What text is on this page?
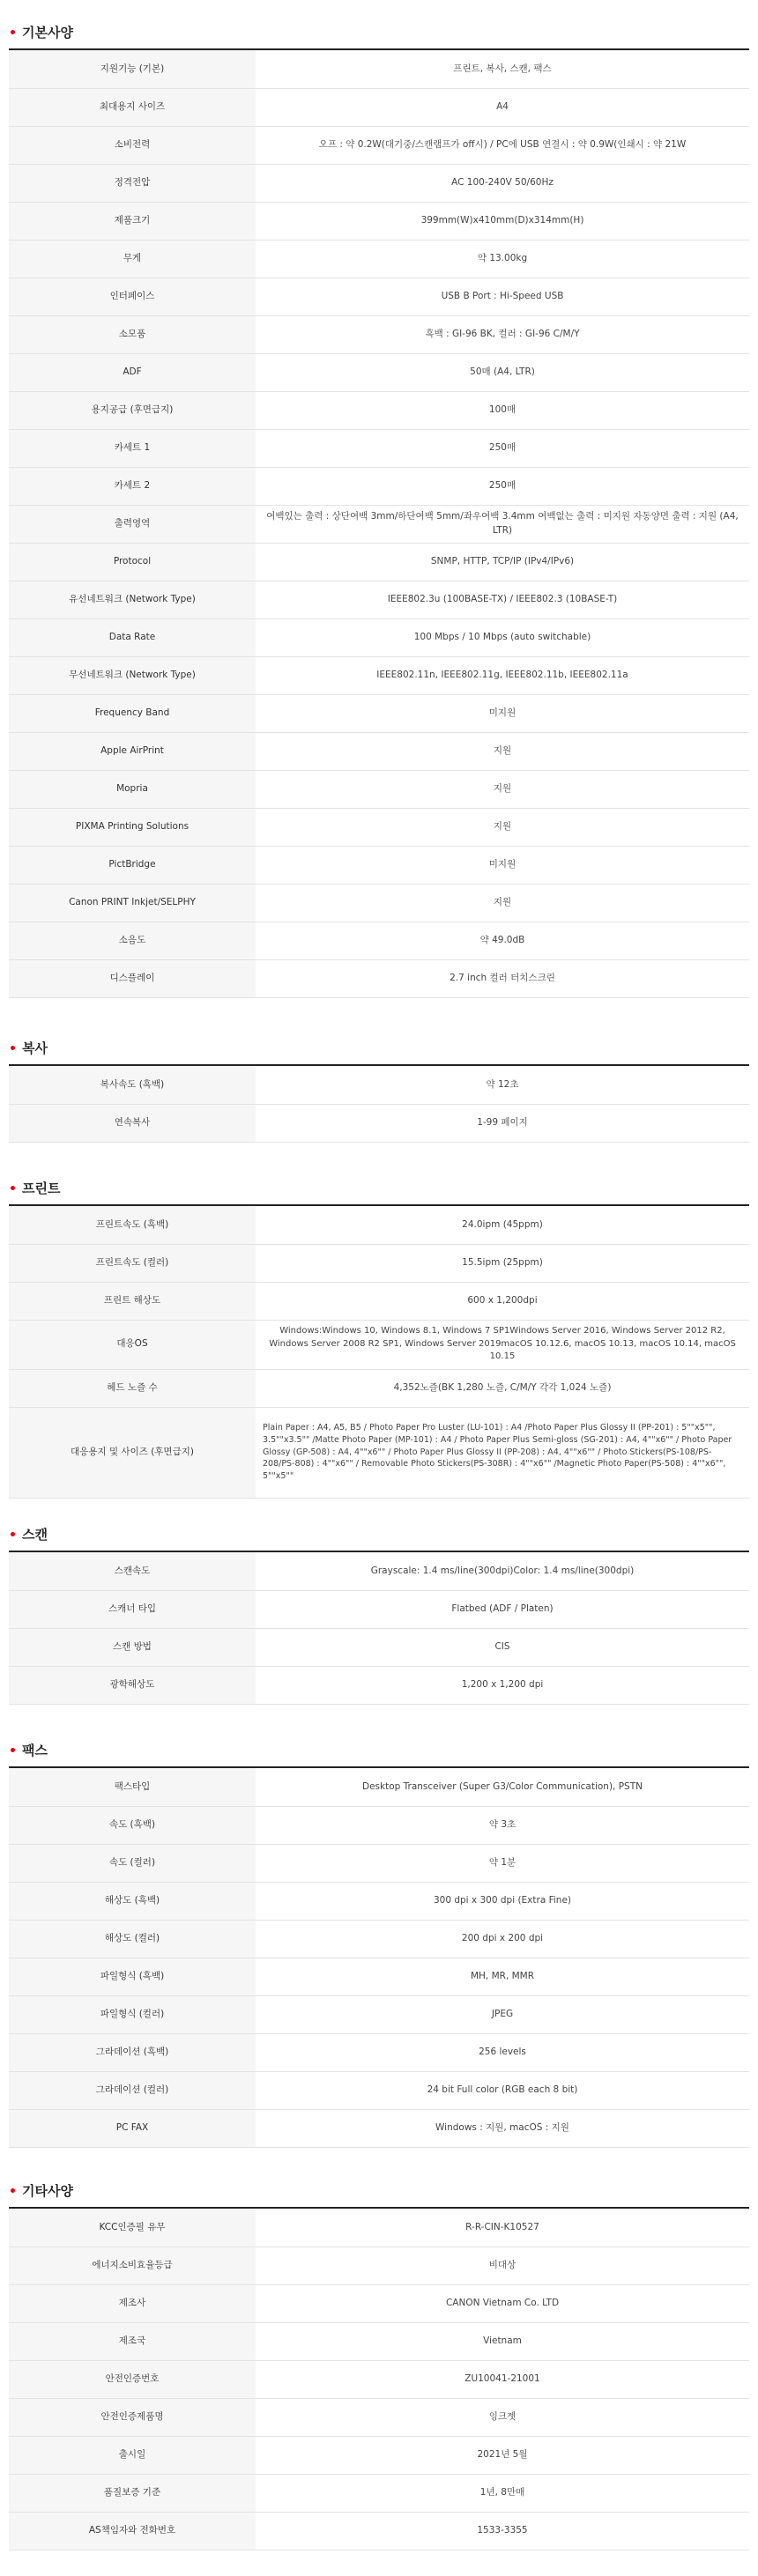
기본사양
지원기능 (기본)	프린트, 복사, 스캔, 팩스
최대용지 사이즈	A4
소비전력	오프 : 약 0.2W(대기중/스캔램프가 off시) / PC에 USB 연결시 : 약 0.9W(인쇄시 : 약 21W
정격전압	AC 100-240V 50/60Hz
제품크기	399mm(W)x410mm(D)x314mm(H)
무게	약 13.00kg
인터페이스	USB B Port : Hi-Speed USB
소모품	흑백 : GI-96 BK, 컬러 : GI-96 C/M/Y
ADF	50매 (A4, LTR)
용지공급 (후면급지)	100매
카세트 1	250매
카세트 2	250매
출력영역	여백있는 출력 : 상단여백 3mm/하단여백 5mm/좌우여백 3.4mm 여백없는 출력 : 미지원 자동양면 출력 : 지원 (A4, LTR)
Protocol	SNMP, HTTP, TCP/IP (IPv4/IPv6)
유선네트워크 (Network Type)	IEEE802.3u (100BASE-TX) / IEEE802.3 (10BASE-T)
Data Rate	100 Mbps / 10 Mbps (auto switchable)
무선네트워크 (Network Type)	IEEE802.11n, IEEE802.11g, IEEE802.11b, IEEE802.11a
Frequency Band	미지원
Apple AirPrint	지원
Mopria	지원
PIXMA Printing Solutions	지원
PictBridge	미지원
Canon PRINT Inkjet/SELPHY	지원
소음도	약 49.0dB
디스플레이	2.7 inch 컬러 터치스크린
복사
복사속도 (흑백)	약 12초
연속복사	1-99 페이지
프린트
프린트속도 (흑백)	24.0ipm (45ppm)
프린트속도 (컬러)	15.5ipm (25ppm)
프린트 해상도	600 x 1,200dpi
대응OS	Windows:Windows 10, Windows 8.1, Windows 7 SP1Windows Server 2016, Windows Server 2012 R2, Windows Server 2008 R2 SP1, Windows Server 2019macOS 10.12.6, macOS 10.13, macOS 10.14, macOS 10.15
헤드 노즐 수	4,352노즐(BK 1,280 노즐, C/M/Y 각각 1,024 노즐)
대응용지 및 사이즈 (후면급지)	Plain Paper : A4, A5, B5 / Photo Paper Pro Luster (LU-101) : A4 /Photo Paper Plus Glossy II (PP-201) : 5""x5"", 3.5""x3.5"" /Matte Photo Paper (MP-101) : A4 / Photo Paper Plus Semi-gloss (SG-201) : A4, 4""x6"" / Photo Paper Glossy (GP-508) : A4, 4""x6"" / Photo Paper Plus Glossy II (PP-208) : A4, 4""x6"" / Photo Stickers(PS-108/PS-208/PS-808) : 4""x6"" / Removable Photo Stickers(PS-308R) : 4""x6"" /Magnetic Photo Paper(PS-508) : 4""x6"", 5""x5""
스캔
스캔속도	Grayscale: 1.4 ms/line(300dpi)Color: 1.4 ms/line(300dpi)
스캐너 타입	Flatbed (ADF / Platen)
스캔 방법	CIS
광학해상도	1,200 x 1,200 dpi
팩스
팩스타입	Desktop Transceiver (Super G3/Color Communication), PSTN
속도 (흑백)	약 3초
속도 (컬러)	약 1분
해상도 (흑백)	300 dpi x 300 dpi (Extra Fine)
해상도 (컬러)	200 dpi x 200 dpi
파일형식 (흑백)	MH, MR, MMR
파일형식 (컬러)	JPEG
그라데이션 (흑백)	256 levels
그라데이션 (컬러)	24 bit Full color (RGB each 8 bit)
PC FAX	Windows : 지원, macOS : 지원
기타사양
KCC인증필 유무	R-R-CIN-K10527
에너지소비효율등급	비대상
제조사	CANON Vietnam Co. LTD
제조국	Vietnam
안전인증번호	ZU10041-21001
안전인증제품명	잉크젯
출시일	2021년 5월
품질보증 기준	1년, 8만매
AS책임자와 전화번호	1533-3355
